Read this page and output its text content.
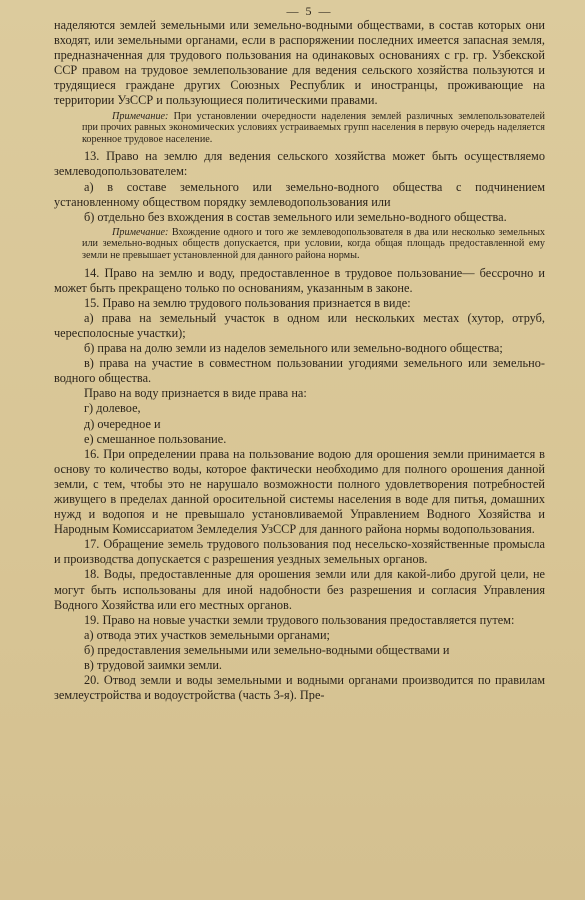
— 5 —

наделяются землей земельными или земельно-водными обществами, в состав которых они входят, или земельными органами, если в распоряжении последних имеется запасная земля, предназначенная для трудового пользования на одинаковых основаниях с гр. гр. Узбекской ССР правом на трудовое землепользование для ведения сельского хозяйства пользуются и трудящиеся граждане других Союзных Республик и иностранцы, проживающие на территории УзССР и пользующиеся политическими правами.

Примечание: При установлении очередности наделения землей различных землепользователей при прочих равных экономических условиях устраиваемых групп населения в первую очередь наделяется коренное трудовое население.

13. Право на землю для ведения сельского хозяйства может быть осуществляемо землеводопользователем:

а) в составе земельного или земельно-водного общества с подчинением установленному обществом порядку землеводопользования или

б) отдельно без вхождения в состав земельного или земельно-водного общества.

Примечание: Вхождение одного и того же землеводопользователя в два или несколько земельных или земельно-водных обществ допускается, при условии, когда общая площадь предоставленной ему земли не превышает установленной для данного района нормы.

14. Право на землю и воду, предоставленное в трудовое пользование— бессрочно и может быть прекращено только по основаниям, указанным в законе.

15. Право на землю трудового пользования признается в виде:

а) права на земельный участок в одном или нескольких местах (хутор, отруб, чересполосные участки);

б) права на долю земли из наделов земельного или земельно-водного общества;

в) права на участие в совместном пользовании угодиями земельного или земельно-водного общества.

Право на воду признается в виде права на:

г) долевое,

д) очередное и

е) смешанное пользование.

16. При определении права на пользование водою для орошения земли принимается в основу то количество воды, которое фактически необходимо для полного орошения данной земли, с тем, чтобы это не нарушало возможности полного удовлетворения потребностей живущего в пределах данной оросительной системы населения в воде для питья, домашних нужд и водопоя и не превышало установливаемой Управлением Водного Хозяйства и Народным Комиссариатом Земледелия УзССР для данного района нормы водопользования.

17. Обращение земель трудового пользования под несельско-хозяйственные промысла и производства допускается с разрешения уездных земельных органов.

18. Воды, предоставленные для орошения земли или для какой-либо другой цели, не могут быть использованы для иной надобности без разрешения и согласия Управления Водного Хозяйства или его местных органов.

19. Право на новые участки земли трудового пользования предоставляется путем:

а) отвода этих участков земельными органами;

б) предоставления земельными или земельно-водными обществами и

в) трудовой заимки земли.

20. Отвод земли и воды земельными и водными органами производится по правилам землеустройства и водоустройства (часть 3-я). Пре-
